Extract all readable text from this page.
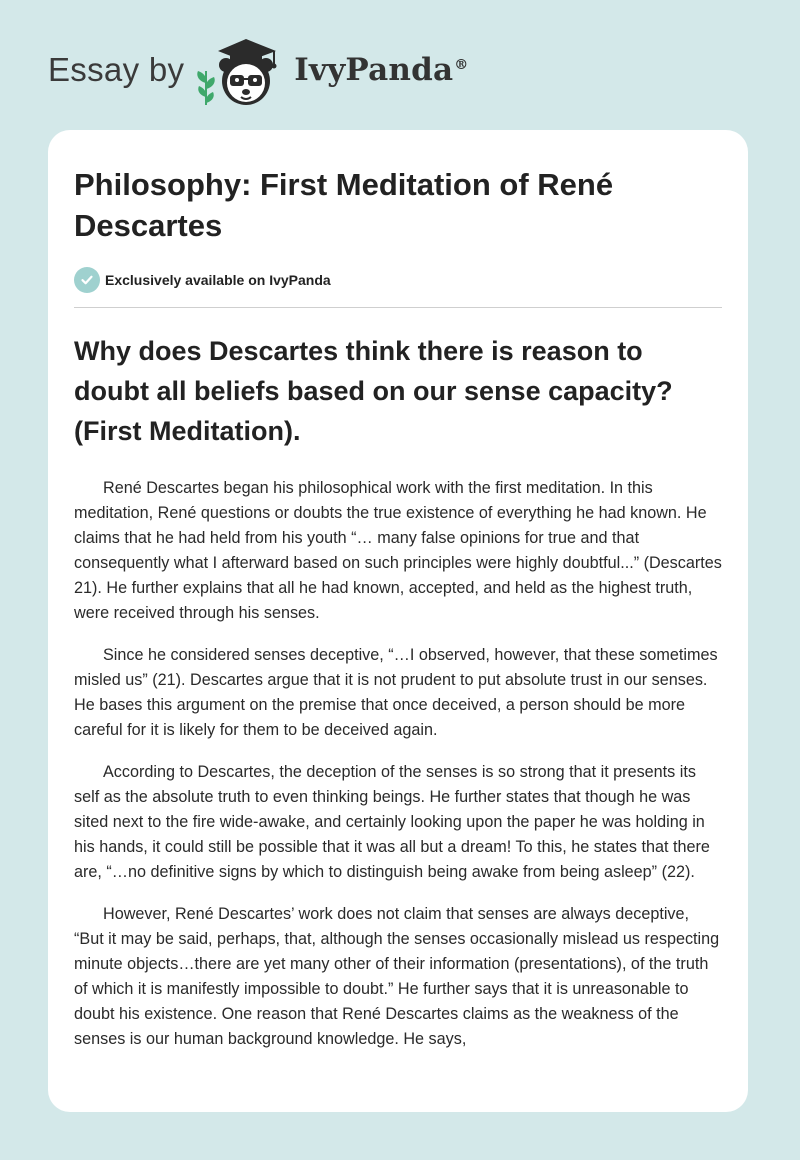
Essay by	IvyPanda®
Philosophy: First Meditation of René Descartes
Exclusively available on IvyPanda
Why does Descartes think there is reason to doubt all beliefs based on our sense capacity? (First Meditation).

René Descartes began his philosophical work with the first meditation. In this meditation, René questions or doubts the true existence of everything he had known. He claims that he had held from his youth “… many false opinions for true and that consequently what I afterward based on such principles were highly doubtful...” (Descartes 21). He further explains that all he had known, accepted, and held as the highest truth, were received through his senses.

Since he considered senses deceptive, “…I observed, however, that these sometimes misled us” (21). Descartes argue that it is not prudent to put absolute trust in our senses. He bases this argument on the premise that once deceived, a person should be more careful for it is likely for them to be deceived again.

According to Descartes, the deception of the senses is so strong that it presents its self as the absolute truth to even thinking beings. He further states that though he was sited next to the fire wide-awake, and certainly looking upon the paper he was holding in his hands, it could still be possible that it was all but a dream! To this, he states that there are, “…no definitive signs by which to distinguish being awake from being asleep” (22).

However, René Descartes’ work does not claim that senses are always deceptive, “But it may be said, perhaps, that, although the senses occasionally mislead us respecting minute objects…there are yet many other of their information (presentations), of the truth of which it is manifestly impossible to doubt.” He further says that it is unreasonable to doubt his existence. One reason that René Descartes claims as the weakness of the senses is our human background knowledge. He says,
